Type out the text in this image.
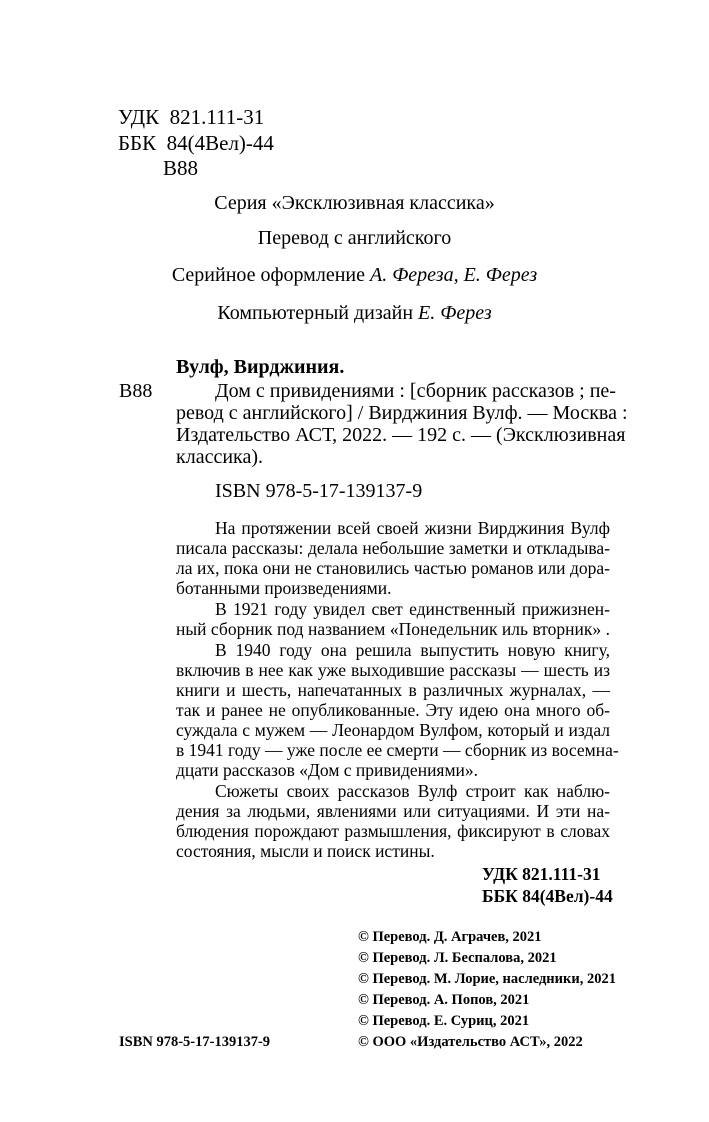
УДК 821.111-31
ББК 84(4Вел)-44
В88
Серия «Эксклюзивная классика»
Перевод с английского
Серийное оформление А. Фереза, Е. Ферез
Компьютерный дизайн Е. Ферез
Вулф, Вирджиния.
В88	Дом с привидениями : [сборник рассказов ; пе-
ревод с английского] / Вирджиния Вулф. — Москва :
Издательство АСТ, 2022. — 192 с. — (Эксклюзивная
классика).
ISBN 978-5-17-139137-9
На протяжении всей своей жизни Вирджиния Вулф
писала рассказы: делала небольшие заметки и откладыва-
ла их, пока они не становились частью романов или дора-
ботанными произведениями.
В 1921 году увидел свет единственный прижизнен-
ный сборник под названием «Понедельник иль вторник» .
В 1940 году она решила выпустить новую книгу,
включив в нее как уже выходившие рассказы — шесть из
книги и шесть, напечатанных в различных журналах, —
так и ранее не опубликованные. Эту идею она много об-
суждала с мужем — Леонардом Вулфом, который и издал
в 1941 году — уже после ее смерти — сборник из восемна-
дцати рассказов «Дом с привидениями».
Сюжеты своих рассказов Вулф строит как наблю-
дения за людьми, явлениями или ситуациями. И эти на-
блюдения порождают размышления, фиксируют в словах
состояния, мысли и поиск истины.
УДК 821.111-31
ББК 84(4Вел)-44
© Перевод. Д. Аграчев, 2021
© Перевод. Л. Беспалова, 2021
© Перевод. М. Лорие, наследники, 2021
© Перевод. А. Попов, 2021
© Перевод. Е. Суриц, 2021
© ООО «Издательство АСТ», 2022
ISBN 978-5-17-139137-9
